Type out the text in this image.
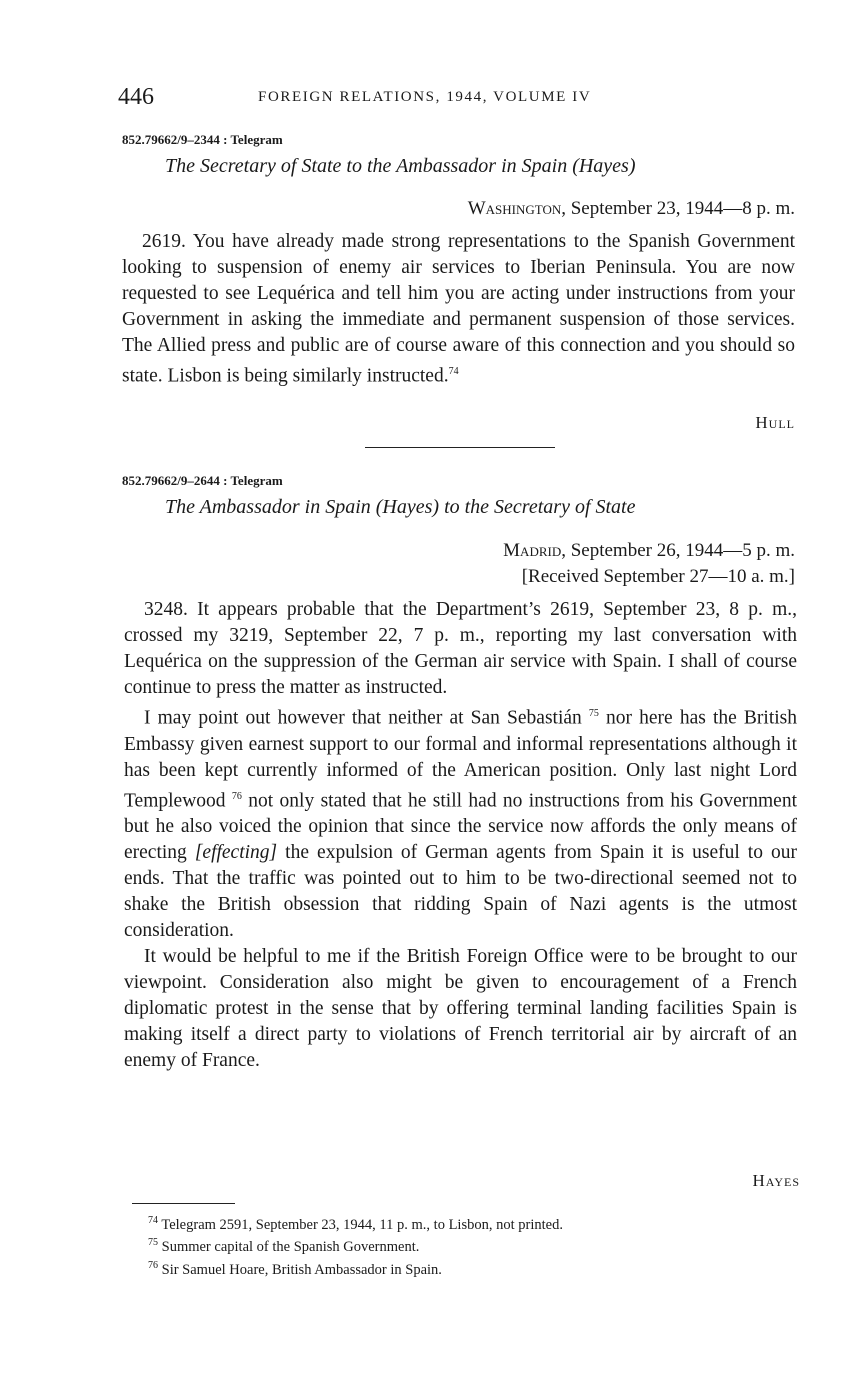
446	FOREIGN RELATIONS, 1944, VOLUME IV
852.79662/9–2344 : Telegram
The Secretary of State to the Ambassador in Spain (Hayes)
Washington, September 23, 1944—8 p. m.

2619. You have already made strong representations to the Spanish Government looking to suspension of enemy air services to Iberian Peninsula. You are now requested to see Lequérica and tell him you are acting under instructions from your Government in asking the immediate and permanent suspension of those services. The Allied press and public are of course aware of this connection and you should so state. Lisbon is being similarly instructed.$^{74}$

Hull
852.79662/9–2644 : Telegram
The Ambassador in Spain (Hayes) to the Secretary of State
Madrid, September 26, 1944—5 p. m.
[Received September 27—10 a. m.]

3248. It appears probable that the Department’s 2619, September 23, 8 p. m., crossed my 3219, September 22, 7 p. m., reporting my last conversation with Lequérica on the suppression of the German air service with Spain. I shall of course continue to press the matter as instructed.

I may point out however that neither at San Sebastián $^{75}$ nor here has the British Embassy given earnest support to our formal and informal representations although it has been kept currently informed of the American position. Only last night Lord Templewood $^{76}$ not only stated that he still had no instructions from his Government but he also voiced the opinion that since the service now affords the only means of erecting [effecting] the expulsion of German agents from Spain it is useful to our ends. That the traffic was pointed out to him to be two-directional seemed not to shake the British obsession that ridding Spain of Nazi agents is the utmost consideration.

It would be helpful to me if the British Foreign Office were to be brought to our viewpoint. Consideration also might be given to encouragement of a French diplomatic protest in the sense that by offering terminal landing facilities Spain is making itself a direct party to violations of French territorial air by aircraft of an enemy of France.

Hayes
$^{74}$ Telegram 2591, September 23, 1944, 11 p. m., to Lisbon, not printed.
$^{75}$ Summer capital of the Spanish Government.
$^{76}$ Sir Samuel Hoare, British Ambassador in Spain.
